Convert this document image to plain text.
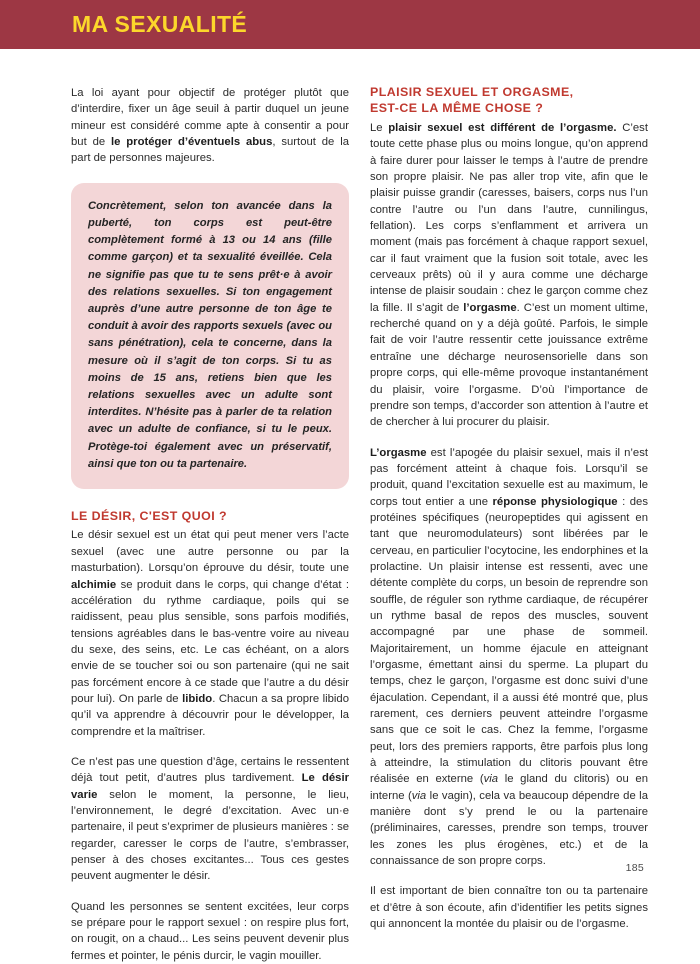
MA SEXUALITÉ

La loi ayant pour objectif de protéger plutôt que d’interdire, fixer un âge seuil à partir duquel un jeune mineur est considéré comme apte à consentir a pour but de le protéger d’éventuels abus, surtout de la part de personnes majeures.

Concrètement, selon ton avancée dans la puberté, ton corps est peut-être complètement formé à 13 ou 14 ans (fille comme garçon) et ta sexualité éveillée. Cela ne signifie pas que tu te sens prêt·e à avoir des relations sexuelles. Si ton engagement auprès d’une autre personne de ton âge te conduit à avoir des rapports sexuels (avec ou sans pénétration), cela te concerne, dans la mesure où il s’agit de ton corps. Si tu as moins de 15 ans, retiens bien que les relations sexuelles avec un adulte sont interdites. N’hésite pas à parler de ta relation avec un adulte de confiance, si tu le peux. Protège-toi également avec un préservatif, ainsi que ton ou ta partenaire.

LE DÉSIR, C'EST QUOI ?

Le désir sexuel est un état qui peut mener vers l’acte sexuel (avec une autre personne ou par la masturbation). Lorsqu’on éprouve du désir, toute une alchimie se produit dans le corps, qui change d’état : accélération du rythme cardiaque, poils qui se raidissent, peau plus sensible, sons parfois modifiés, tensions agréables dans le bas-ventre voire au niveau du sexe, des seins, etc. Le cas échéant, on a alors envie de se toucher soi ou son partenaire (qui ne sait pas forcément encore à ce stade que l’autre a du désir pour lui). On parle de libido. Chacun a sa propre libido qu’il va apprendre à découvrir pour le développer, la comprendre et la maîtriser.

Ce n’est pas une question d’âge, certains le ressentent déjà tout petit, d’autres plus tardivement. Le désir varie selon le moment, la personne, le lieu, l’environnement, le degré d’excitation. Avec un·e partenaire, il peut s’exprimer de plusieurs manières : se regarder, caresser le corps de l’autre, s’embrasser, penser à des choses excitantes... Tous ces gestes peuvent augmenter le désir.

Quand les personnes se sentent excitées, leur corps se prépare pour le rapport sexuel : on respire plus fort, on rougit, on a chaud... Les seins peuvent devenir plus fermes et pointer, le pénis durcir, le vagin mouiller.

PLAISIR SEXUEL ET ORGASME,
EST-CE LA MÊME CHOSE ?

Le plaisir sexuel est différent de l’orgasme. C’est toute cette phase plus ou moins longue, qu’on apprend à faire durer pour laisser le temps à l’autre de prendre son propre plaisir. Ne pas aller trop vite, afin que le plaisir puisse grandir (caresses, baisers, corps nus l’un contre l’autre ou l’un dans l’autre, cunnilingus, fellation). Les corps s’enflamment et arrivera un moment (mais pas forcément à chaque rapport sexuel, car il faut vraiment que la fusion soit totale, avec les cerveaux prêts) où il y aura comme une décharge intense de plaisir soudain : chez le garçon comme chez la fille. Il s’agit de l’orgasme. C’est un moment ultime, recherché quand on y a déjà goûté. Parfois, le simple fait de voir l’autre ressentir cette jouissance extrême entraîne une décharge neurosensorielle dans son propre corps, qui elle-même provoque instantanément du plaisir, voire l’orgasme. D’où l’importance de prendre son temps, d’accorder son attention à l’autre et de chercher à lui procurer du plaisir.

L’orgasme est l’apogée du plaisir sexuel, mais il n’est pas forcément atteint à chaque fois. Lorsqu’il se produit, quand l’excitation sexuelle est au maximum, le corps tout entier a une réponse physiologique : des protéines spécifiques (neuropeptides qui agissent en tant que neuromodulateurs) sont libérées par le cerveau, en particulier l’ocytocine, les endorphines et la prolactine. Un plaisir intense est ressenti, avec une détente complète du corps, un besoin de reprendre son souffle, de réguler son rythme cardiaque, de récupérer un rythme basal de repos des muscles, souvent accompagné par une phase de sommeil. Majoritairement, un homme éjacule en atteignant l’orgasme, émettant ainsi du sperme. La plupart du temps, chez le garçon, l’orgasme est donc suivi d’une éjaculation. Cependant, il a aussi été montré que, plus rarement, ces derniers peuvent atteindre l’orgasme sans que ce soit le cas. Chez la femme, l’orgasme peut, lors des premiers rapports, être parfois plus long à atteindre, la stimulation du clitoris pouvant être réalisée en externe (via le gland du clitoris) ou en interne (via le vagin), cela va beaucoup dépendre de la manière dont s’y prend le ou la partenaire (préliminaires, caresses, prendre son temps, trouver les zones les plus érogènes, etc.) et de la connaissance de son propre corps.

Il est important de bien connaître ton ou ta partenaire et d’être à son écoute, afin d’identifier les petits signes qui annoncent la montée du plaisir ou de l’orgasme.

185
